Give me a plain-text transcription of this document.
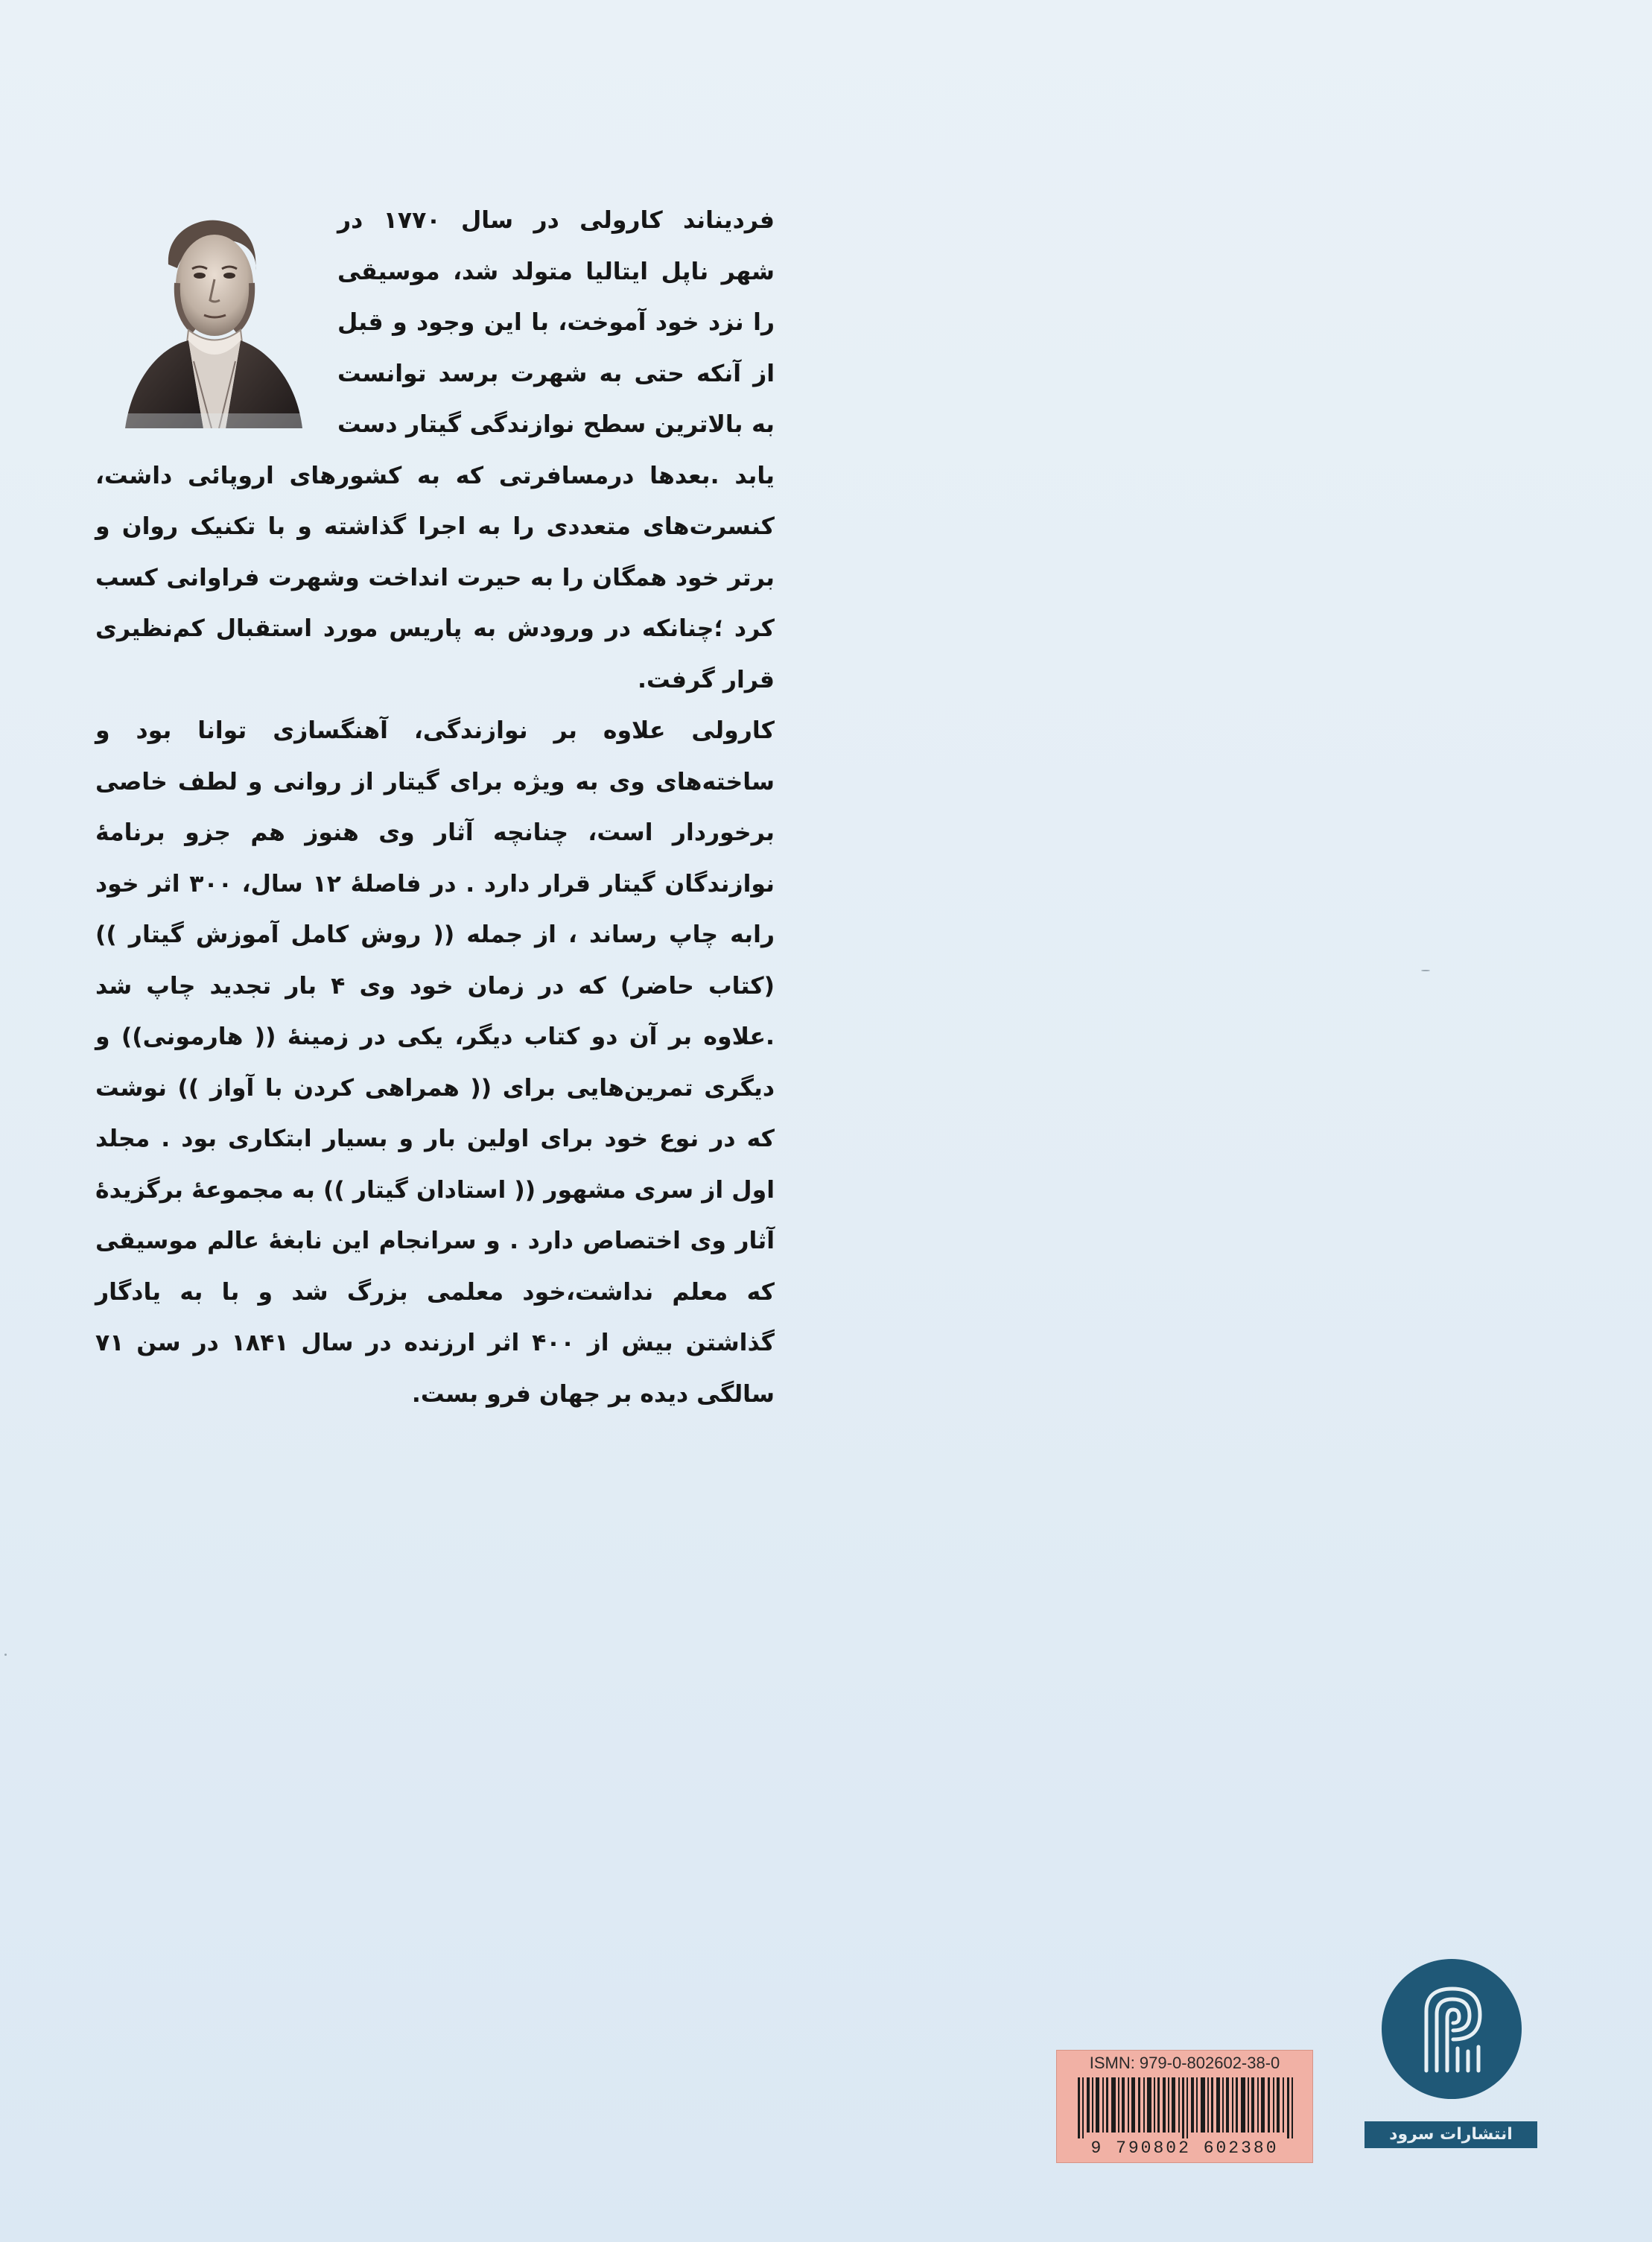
فردیناند کارولی در سال ۱۷۷۰ در شهر ناپل ایتالیا متولد شد، موسیقی را نزد خود آموخت، با این وجود و قبل از آنکه حتی به شهرت برسد توانست به بالاترین سطح نوازندگی گیتار دست یابد .بعدها درمسافرتی که به کشورهای اروپائی داشت، کنسرت‌های متعددی را به اجرا گذاشته و با تکنیک روان و برتر خود همگان را به حیرت انداخت وشهرت فراوانی کسب کرد ؛چنانکه در ورودش به پاریس مورد استقبال کم‌نظیری قرار گرفت.

کارولی علاوه بر نوازندگی، آهنگسازی توانا بود و ساخته‌های وی به ویژه برای گیتار از روانی و لطف خاصی برخوردار است، چنانچه آثار وی هنوز هم جزو برنامهٔ نوازندگان گیتار قرار دارد . در فاصلهٔ ۱۲ سال، ۳۰۰ اثر خود رابه چاپ رساند ، از جمله (( روش کامل آموزش گیتار )) (کتاب حاضر) که در زمان خود وی ۴ بار تجدید چاپ شد .علاوه بر آن دو کتاب دیگر، یکی در زمینهٔ (( هارمونی)) و دیگری تمرین‌هایی برای (( همراهی کردن با آواز )) نوشت که در نوع خود برای اولین بار و بسیار ابتکاری بود . مجلد اول از سری مشهور (( استادان گیتار )) به مجموعهٔ برگزیدهٔ آثار وی اختصاص دارد . و سرانجام این نابغهٔ عالم موسیقی که معلم نداشت،خود معلمی بزرگ شد و با به یادگار گذاشتن بیش از ۴۰۰ اثر ارزنده در سال ۱۸۴۱ در سن ۷۱ سالگی دیده بر جهان فرو بست.

ISMN: 979-0-802602-38-0
9 790802 602380
انتشارات سرود
